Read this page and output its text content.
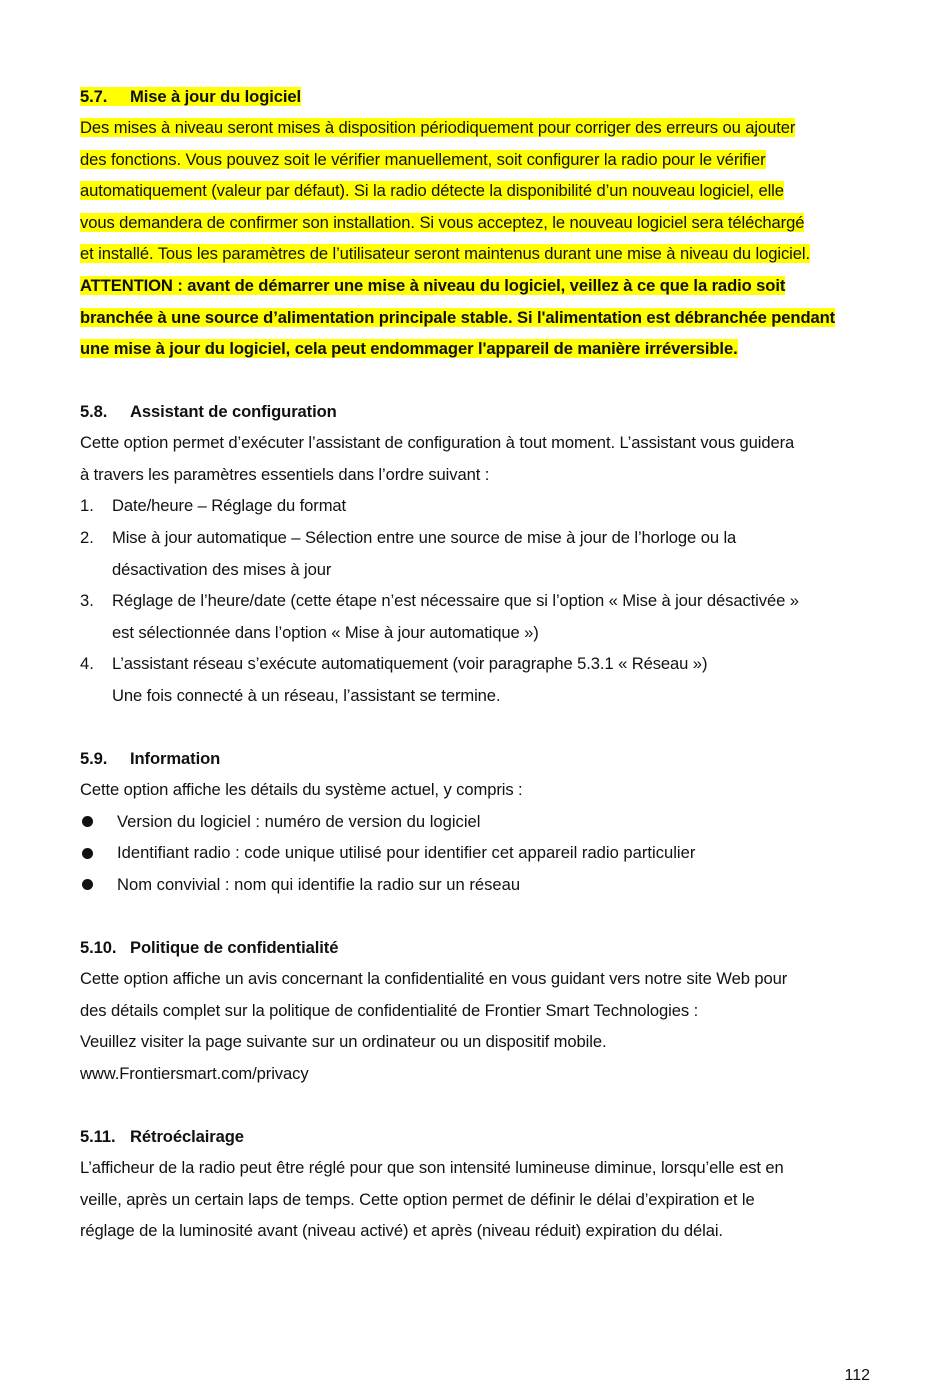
5.7. Mise à jour du logiciel
Des mises à niveau seront mises à disposition périodiquement pour corriger des erreurs ou ajouter
des fonctions. Vous pouvez soit le vérifier manuellement, soit configurer la radio pour le vérifier
automatiquement (valeur par défaut). Si la radio détecte la disponibilité d’un nouveau logiciel, elle
vous demandera de confirmer son installation. Si vous acceptez, le nouveau logiciel sera téléchargé
et installé. Tous les paramètres de l’utilisateur seront maintenus durant une mise à niveau du logiciel.
ATTENTION : avant de démarrer une mise à niveau du logiciel, veillez à ce que la radio soit
branchée à une source d’alimentation principale stable. Si l'alimentation est débranchée pendant
une mise à jour du logiciel, cela peut endommager l'appareil de manière irréversible.
5.8. Assistant de configuration
Cette option permet d’exécuter l’assistant de configuration à tout moment. L’assistant vous guidera
à travers les paramètres essentiels dans l’ordre suivant :
1. Date/heure – Réglage du format
2. Mise à jour automatique – Sélection entre une source de mise à jour de l’horloge ou la
désactivation des mises à jour
3. Réglage de l’heure/date (cette étape n’est nécessaire que si l’option « Mise à jour désactivée »
est sélectionnée dans l’option « Mise à jour automatique »)
4. L’assistant réseau s’exécute automatiquement (voir paragraphe 5.3.1 « Réseau »)
Une fois connecté à un réseau, l’assistant se termine.
5.9. Information
Cette option affiche les détails du système actuel, y compris :
Version du logiciel : numéro de version du logiciel
Identifiant radio : code unique utilisé pour identifier cet appareil radio particulier
Nom convivial : nom qui identifie la radio sur un réseau
5.10. Politique de confidentialité
Cette option affiche un avis concernant la confidentialité en vous guidant vers notre site Web pour
des détails complet sur la politique de confidentialité de Frontier Smart Technologies :
Veuillez visiter la page suivante sur un ordinateur ou un dispositif mobile.
www.Frontiersmart.com/privacy
5.11. Rétroéclairage
L’afficheur de la radio peut être réglé pour que son intensité lumineuse diminue, lorsqu’elle est en
veille, après un certain laps de temps. Cette option permet de définir le délai d’expiration et le
réglage de la luminosité avant (niveau activé) et après (niveau réduit) expiration du délai.
112
